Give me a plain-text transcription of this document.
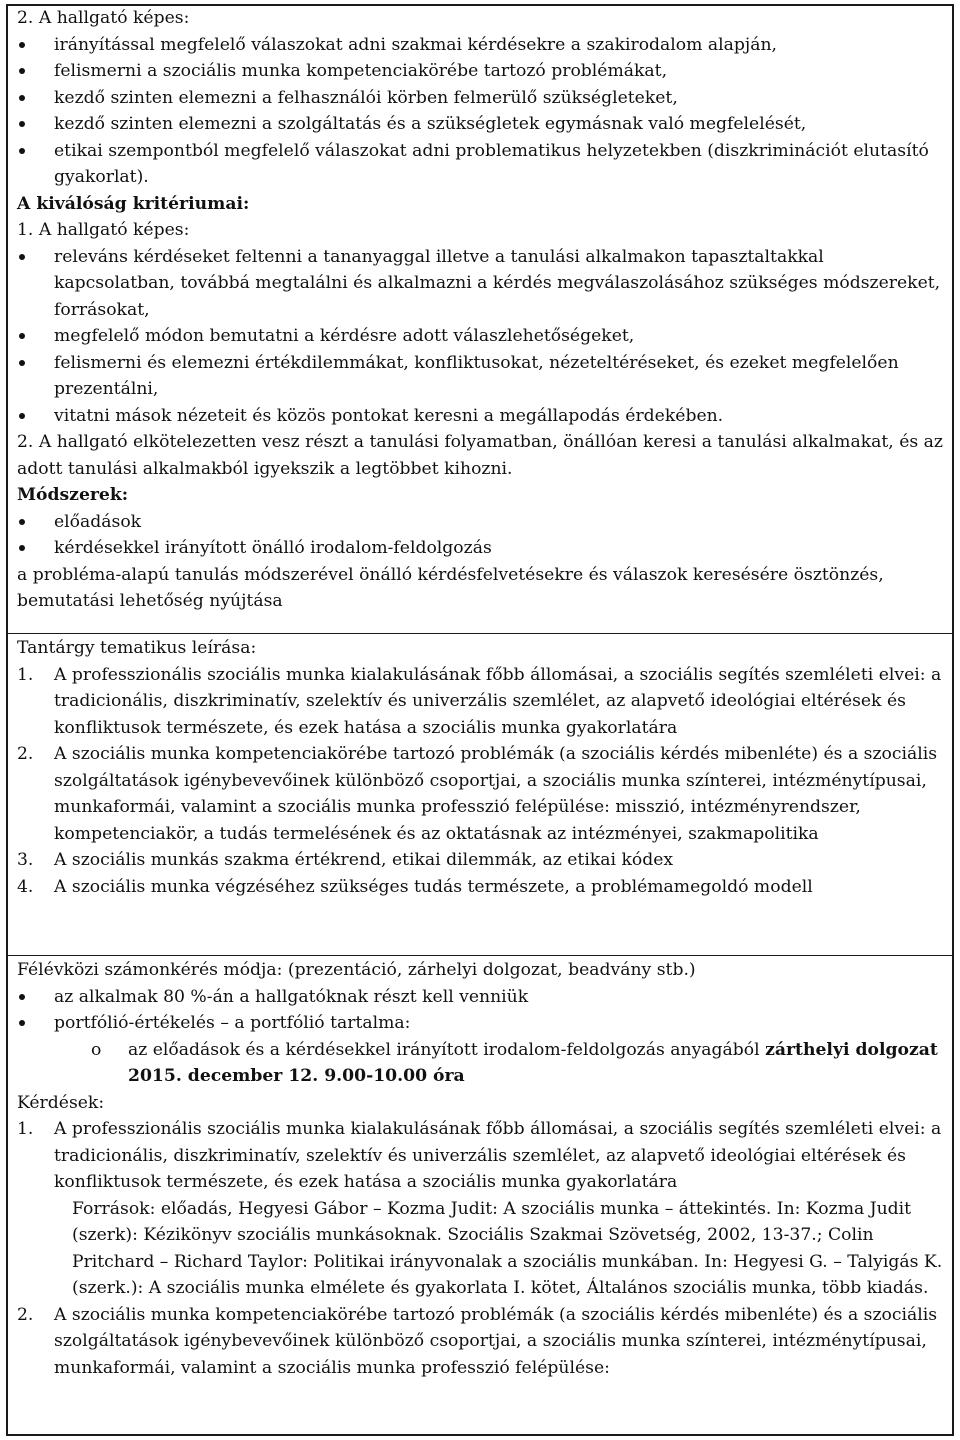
2. A hallgató képes:

irányítással megfelelő válaszokat adni szakmai kérdésekre a szakirodalom alapján,

felismerni a szociális munka kompetenciakörébe tartozó problémákat,

kezdő szinten elemezni a felhasználói körben felmerülő szükségleteket,

kezdő szinten elemezni a szolgáltatás és a szükségletek egymásnak való megfelelését,

etikai szempontból megfelelő válaszokat adni problematikus helyzetekben (diszkriminációt elutasító gyakorlat).

A kiválóság kritériumai:

1. A hallgató képes:

releváns kérdéseket feltenni a tananyaggal illetve a tanulási alkalmakon tapasztaltakkal kapcsolatban, továbbá megtalálni és alkalmazni a kérdés megválaszolásához szükséges módszereket, forrásokat,

megfelelő módon bemutatni a kérdésre adott válaszlehetőségeket,

felismerni és elemezni értékdilemmákat, konfliktusokat, nézeteltéréseket, és ezeket megfelelően prezentálni,

vitatni mások nézeteit és közös pontokat keresni a megállapodás érdekében.

2. A hallgató elkötelezetten vesz részt a tanulási folyamatban, önállóan keresi a tanulási alkalmakat, és az adott tanulási alkalmakból igyekszik a legtöbbet kihozni.

Módszerek:

előadások

kérdésekkel irányított önálló irodalom-feldolgozás

a probléma-alapú tanulás módszerével önálló kérdésfelvetésekre és válaszok keresésére ösztönzés, bemutatási lehetőség nyújtása

Tantárgy tematikus leírása:

1. A professzionális szociális munka kialakulásának főbb állomásai, a szociális segítés szemléleti elvei: a tradicionális, diszkriminatív, szelektív és univerzális szemlélet, az alapvető ideológiai eltérések és konfliktusok természete, és ezek hatása a szociális munka gyakorlatára

2. A szociális munka kompetenciakörébe tartozó problémák (a szociális kérdés mibenléte) és a szociális szolgáltatások igénybevevőinek különböző csoportjai, a szociális munka színterei, intézménytípusai, munkaformái, valamint a szociális munka professzió felépülése: misszió, intézményrendszer, kompetenciakör, a tudás termelésének és az oktatásnak az intézményei, szakmapolitika

3. A szociális munkás szakma értékrend, etikai dilemmák, az etikai kódex

4. A szociális munka végzéséhez szükséges tudás természete, a problémamegoldó modell

Félévközi számonkérés módja: (prezentáció, zárhelyi dolgozat, beadvány stb.)

az alkalmak 80 %-án a hallgatóknak részt kell venniük

portfólió-értékelés – a portfólió tartalma:

o az előadások és a kérdésekkel irányított irodalom-feldolgozás anyagából zárthelyi dolgozat 2015. december 12. 9.00-10.00 óra

Kérdések:

1. A professzionális szociális munka kialakulásának főbb állomásai, a szociális segítés szemléleti elvei: a tradicionális, diszkriminatív, szelektív és univerzális szemlélet, az alapvető ideológiai eltérések és konfliktusok természete, és ezek hatása a szociális munka gyakorlatára

Források: előadás, Hegyesi Gábor – Kozma Judit: A szociális munka – áttekintés. In: Kozma Judit (szerk): Kézikönyv szociális munkásoknak. Szociális Szakmai Szövetség, 2002, 13-37.; Colin Pritchard – Richard Taylor: Politikai irányvonalak a szociális munkában. In: Hegyesi G. – Talyigás K. (szerk.): A szociális munka elmélete és gyakorlata I. kötet, Általános szociális munka, több kiadás.

2. A szociális munka kompetenciakörébe tartozó problémák (a szociális kérdés mibenléte) és a szociális szolgáltatások igénybevevőinek különböző csoportjai, a szociális munka színterei, intézménytípusai, munkaformái, valamint a szociális munka professzió felépülése:
